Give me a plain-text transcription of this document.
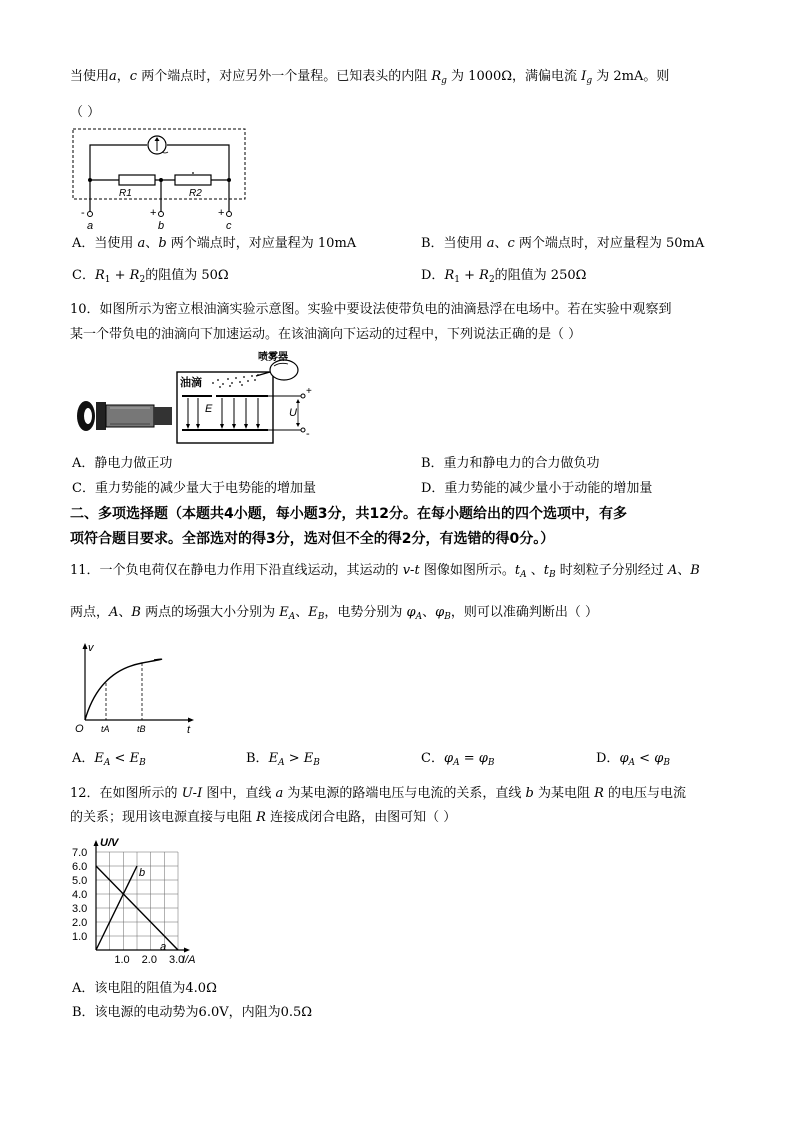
当使用a，c 两个端点时，对应另外一个量程。已知表头的内阻 $R_g$ 为 1000Ω，满偏电流 $I_g$ 为 2mA。则
（ ）
R1	R2
-
a
+
b
+
c
A．当使用 a、b 两个端点时，对应量程为 10mA	B．当使用 a、c 两个端点时，对应量程为 50mA
C．$R_1 + R_2$的阻值为 50Ω	D．$R_1 + R_2$的阻值为 250Ω
10．如图所示为密立根油滴实验示意图。实验中要设法使带负电的油滴悬浮在电场中。若在实验中观察到
某一个带负电的油滴向下加速运动。在该油滴向下运动的过程中，下列说法正确的是（ ）
油滴
喷雾器
E
+
-
U
A．静电力做正功	B．重力和静电力的合力做负功
C．重力势能的减少量大于电势能的增加量	D．重力势能的减少量小于动能的增加量
二、多项选择题（本题共4小题，每小题3分，共12分。在每小题给出的四个选项中，有多
项符合题目要求。全部选对的得3分，选对但不全的得2分，有选错的得0分。）
11．一个负电荷仅在静电力作用下沿直线运动，其运动的 v-t 图像如图所示。$t_A$ 、$t_B$ 时刻粒子分别经过 A、B
两点，A、B 两点的场强大小分别为 $E_A$、$E_B$，电势分别为 $\varphi_A$、$\varphi_B$，则可以准确判断出（ ）
v
t
O tA	tB
A．$E_A < E_B$	B．$E_A > E_B$	C．$\varphi_A = \varphi_B$	D．$\varphi_A < \varphi_B$
12．在如图所示的 U-I 图中，直线 a 为某电源的路端电压与电流的关系，直线 b 为某电阻 R 的电压与电流
的关系；现用该电源直接与电阻 R 连接成闭合电路，由图可知（ ）
1.0
2.0
3.0
4.0
5.0
6.0
7.0
1.0 2.0 3.0
I/A
U/V
a
b
A．该电阻的阻值为4.0Ω
B．该电源的电动势为6.0V，内阻为0.5Ω
